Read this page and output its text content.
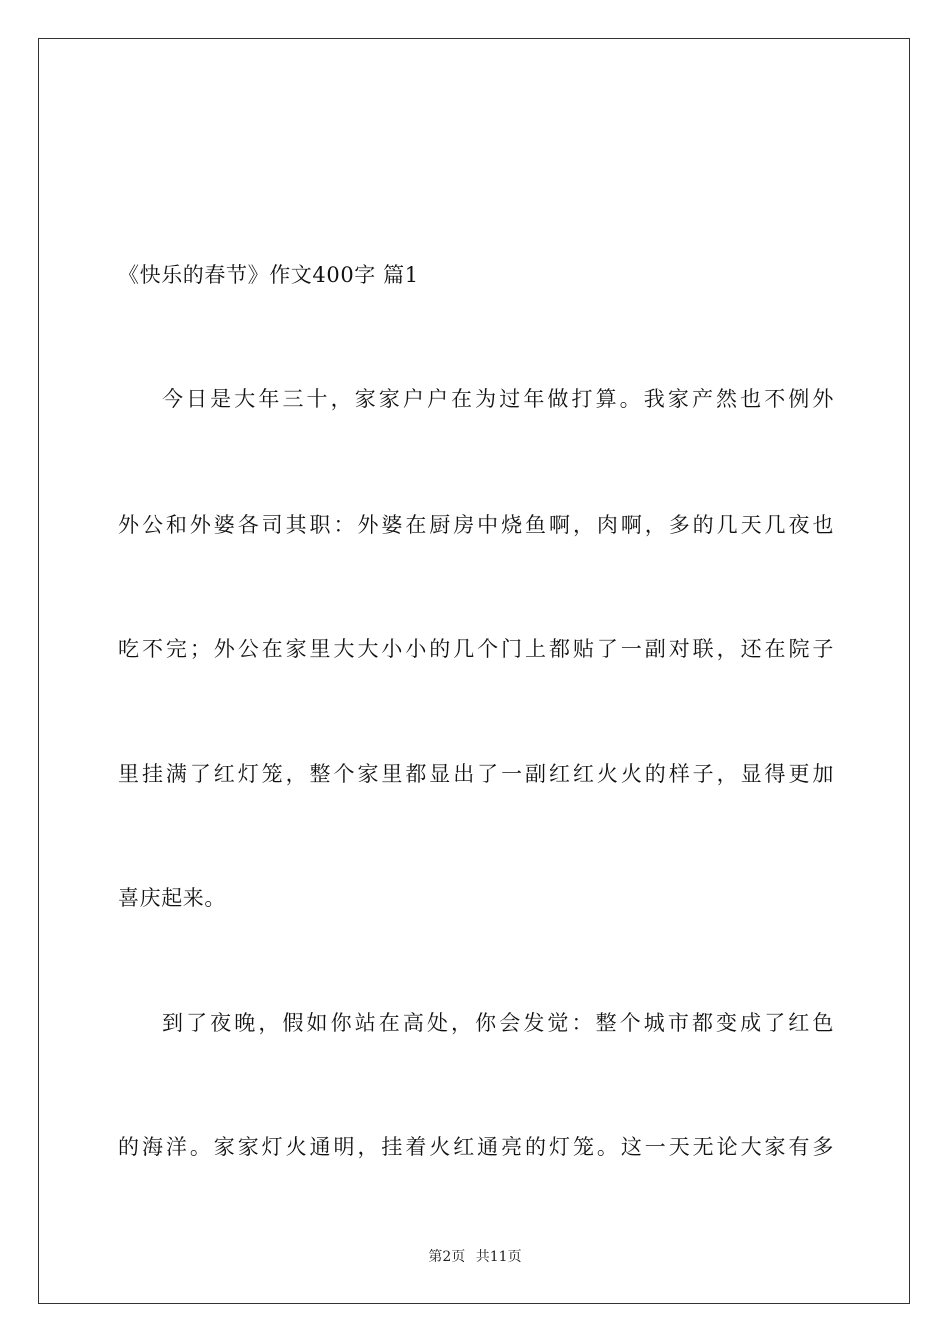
《快乐的春节》作文400字 篇1
今日是大年三十，家家户户在为过年做打算。我家产然也不例外
外公和外婆各司其职：外婆在厨房中烧鱼啊，肉啊，多的几天几夜也
吃不完；外公在家里大大小小的几个门上都贴了一副对联，还在院子
里挂满了红灯笼，整个家里都显出了一副红红火火的样子，显得更加
喜庆起来。
到了夜晚，假如你站在高处，你会发觉：整个城市都变成了红色
的海洋。家家灯火通明，挂着火红通亮的灯笼。这一天无论大家有多
第2页 共11页
